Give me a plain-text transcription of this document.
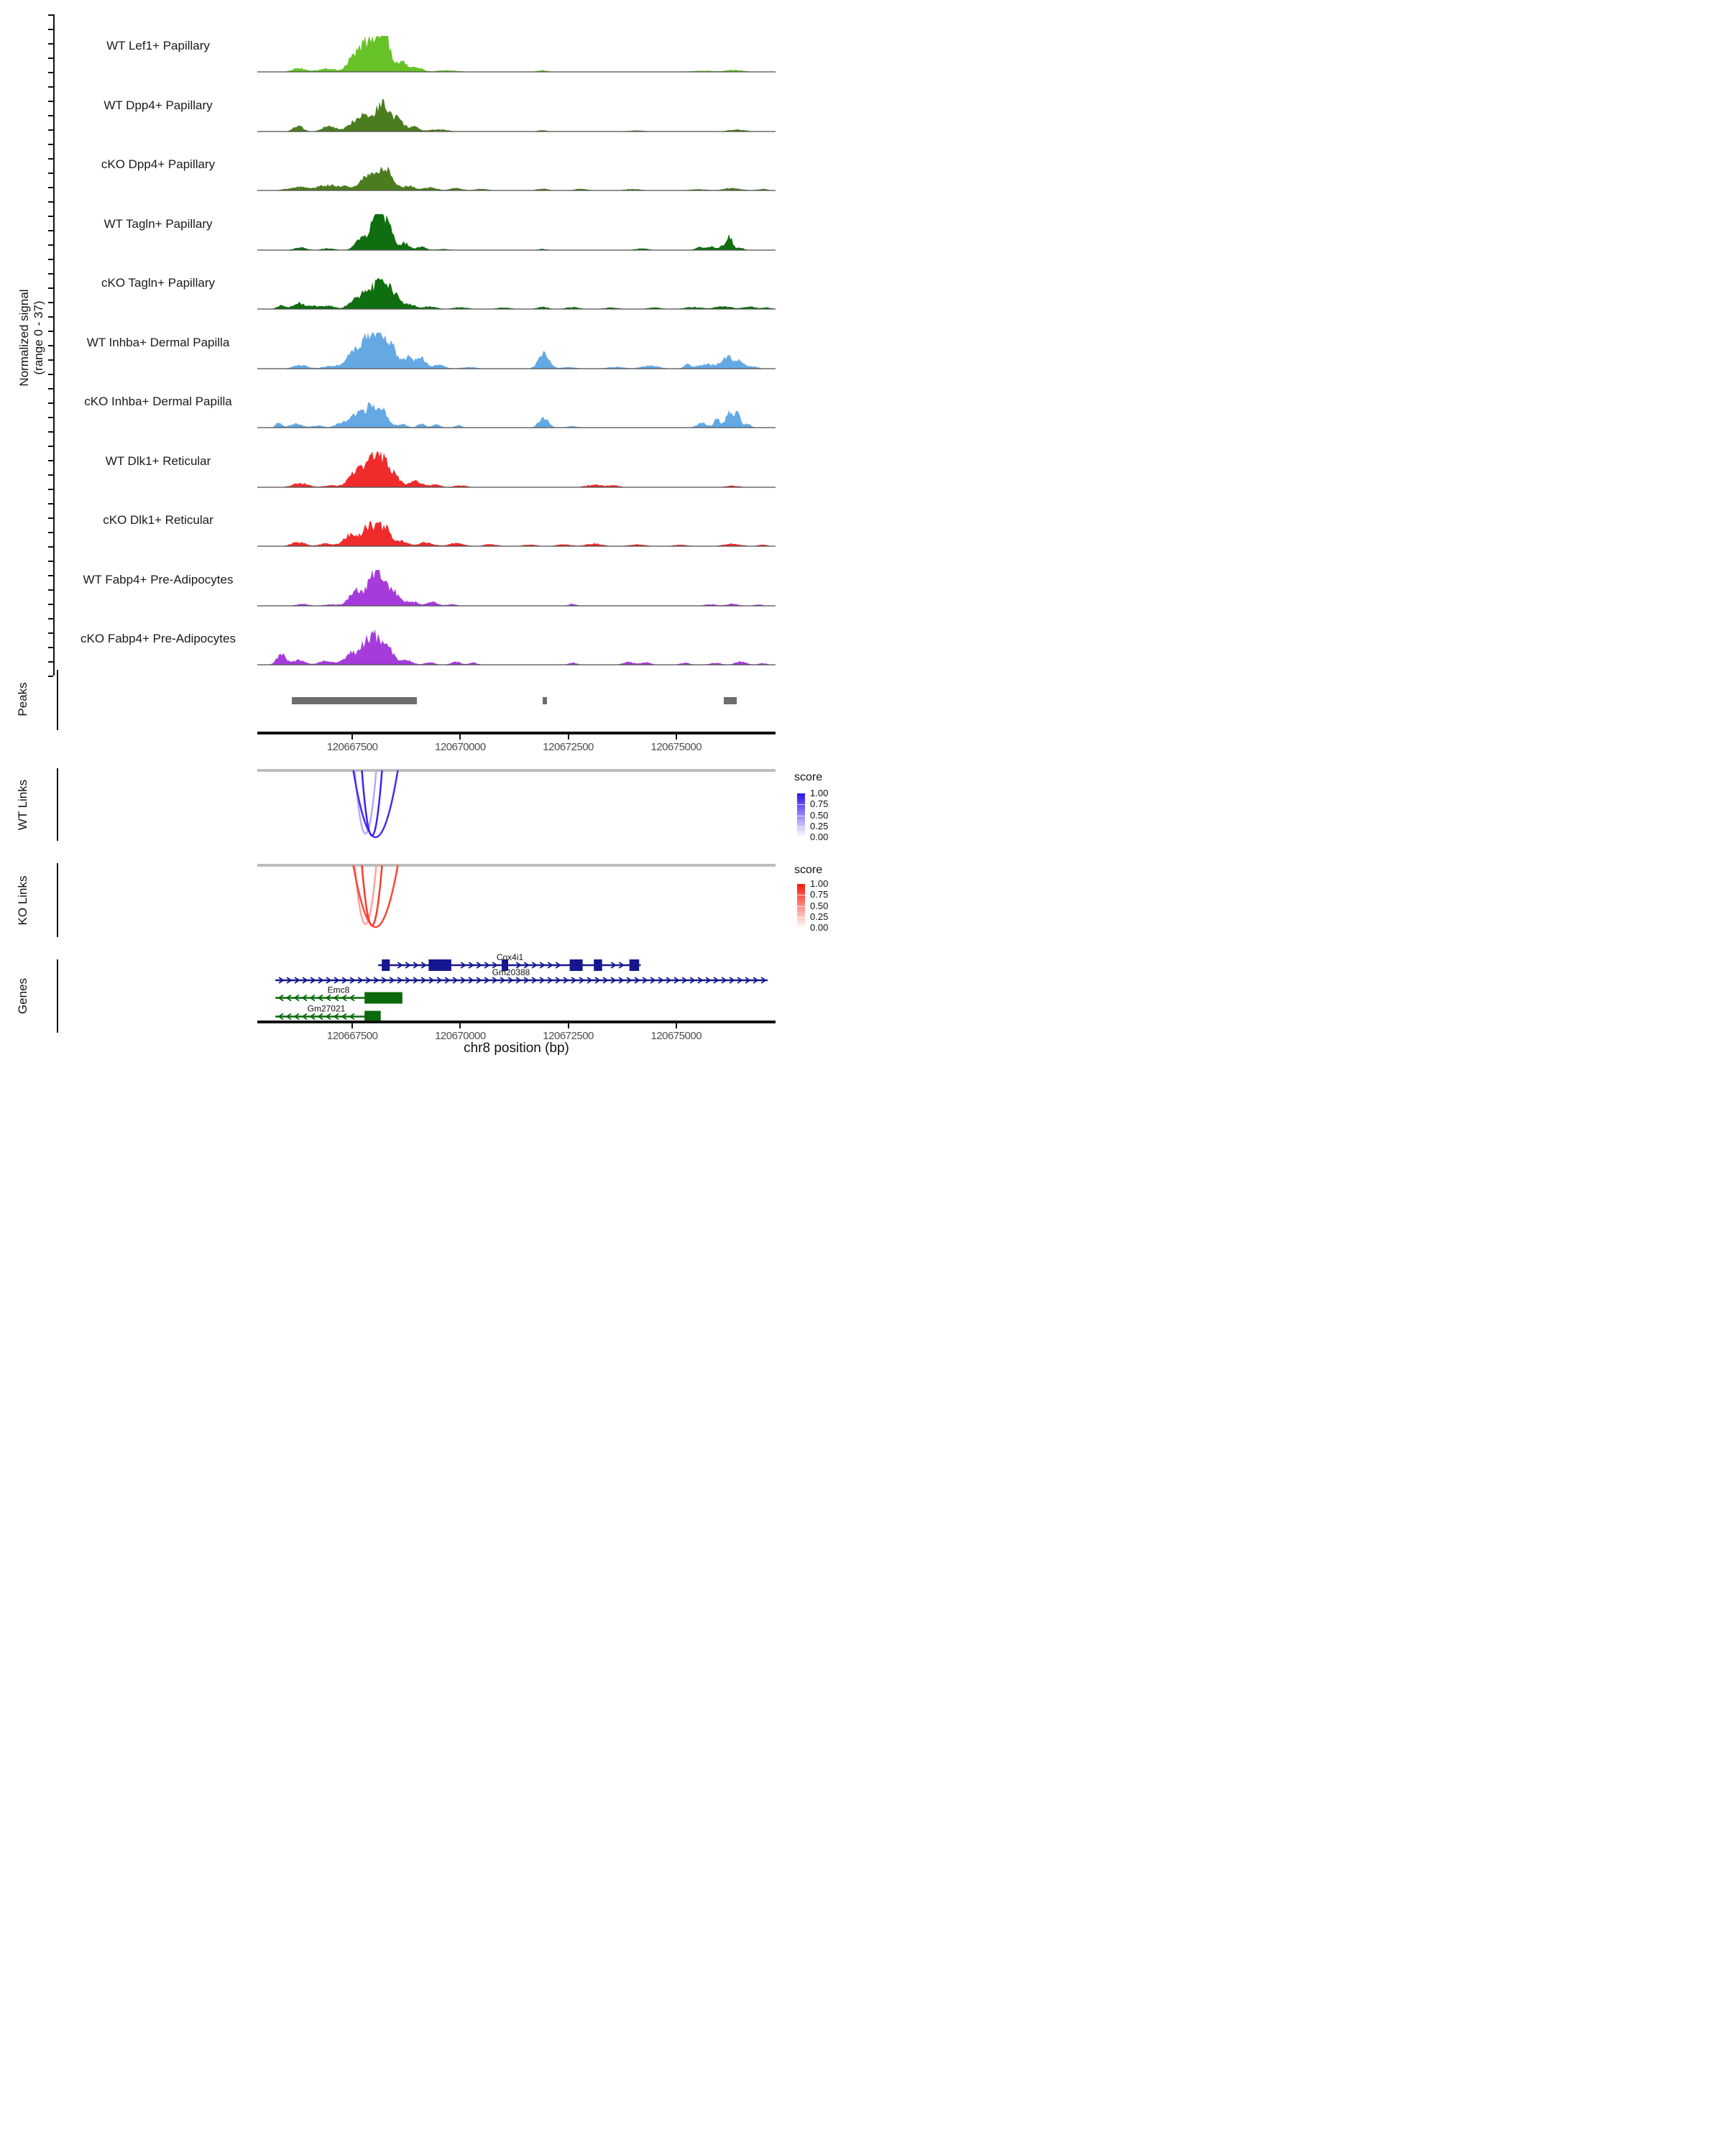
Normalized signal (range 0 - 37)
Peaks
WT Links
KO Links
Genes
WT Lef1+ Papillary
WT Dpp4+ Papillary
cKO Dpp4+ Papillary
WT Tagln+ Papillary
cKO Tagln+ Papillary
WT Inhba+ Dermal Papilla
cKO Inhba+ Dermal Papilla
WT Dlk1+ Reticular
cKO Dlk1+ Reticular
WT Fabp4+ Pre-Adipocytes
cKO Fabp4+ Pre-Adipocytes
120667500	120670000	120672500	120675000
score
1.00
0.75
0.50
0.25
0.00
score
1.00
0.75
0.50
0.25
0.00
Cox4i1
Gm20388
Emc8
Gm27021
120667500	120670000	120672500	120675000
chr8 position (bp)
